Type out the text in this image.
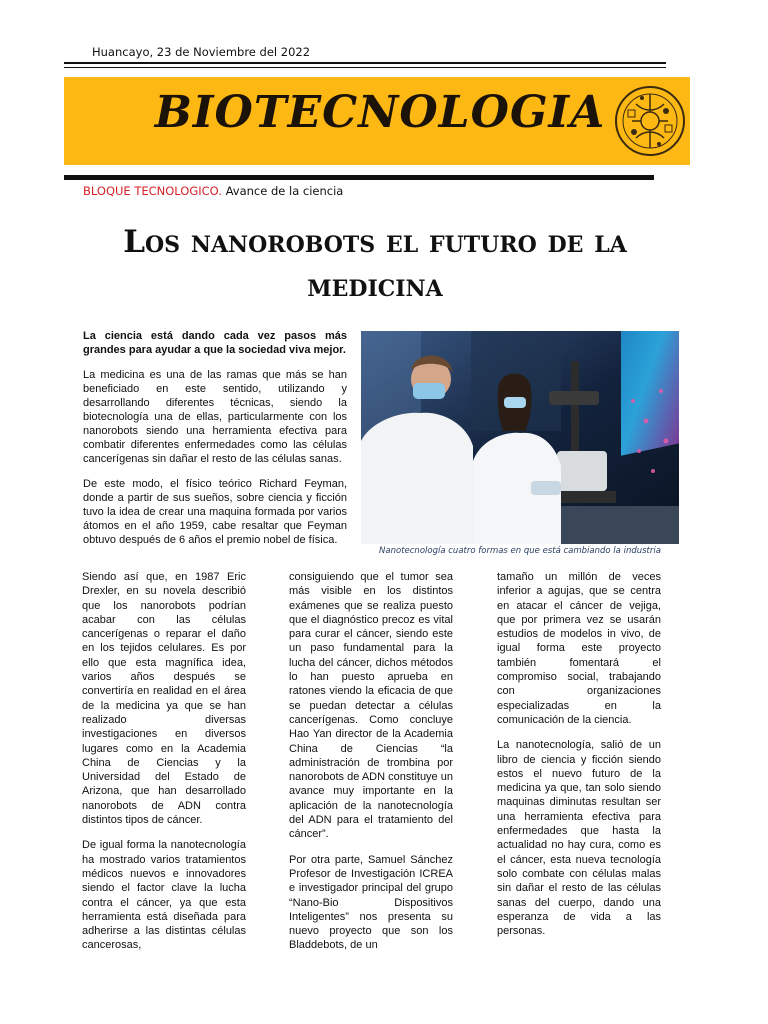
Huancayo, 23 de Noviembre del 2022
BIOTECNOLOGIA
BLOQUE TECNOLOGICO. Avance de la ciencia
Los nanorobots el futuro de la medicina

La ciencia está dando cada vez pasos más grandes para ayudar a que la sociedad viva mejor.

La medicina es una de las ramas que más se han beneficiado en este sentido, utilizando y desarrollando diferentes técnicas, siendo la biotecnología una de ellas, particularmente con los nanorobots siendo una herramienta efectiva para combatir diferentes enfermedades como las células cancerígenas sin dañar el resto de las células sanas.

De este modo, el físico teórico Richard Feyman, donde a partir de sus sueños, sobre ciencia y ficción tuvo la idea de crear una maquina formada por varios átomos en el año 1959, cabe resaltar que Feyman obtuvo después de 6 años el premio nobel de física.

Nanotecnología cuatro formas en que está cambiando la industria

Siendo así que, en 1987 Eric Drexler, en su novela describió que los nanorobots podrían acabar con las células cancerígenas o reparar el daño en los tejidos celulares. Es por ello que esta magnífica idea, varios años después se convertiría en realidad en el área de la medicina ya que se han realizado diversas investigaciones en diversos lugares como en la Academia China de Ciencias y la Universidad del Estado de Arizona, que han desarrollado nanorobots de ADN contra distintos tipos de cáncer.

De igual forma la nanotecnología ha mostrado varios tratamientos médicos nuevos e innovadores siendo el factor clave la lucha contra el cáncer, ya que esta herramienta está diseñada para adherirse a las distintas células cancerosas,

consiguiendo que el tumor sea más visible en los distintos exámenes que se realiza puesto que el diagnóstico precoz es vital para curar el cáncer, siendo este un paso fundamental para la lucha del cáncer, dichos métodos lo han puesto apruebа en ratones viendo la eficacia de que se puedan detectar a células cancerígenas. Como concluye Hao Yan director de la Academia China de Ciencias “la administración de trombina por nanorobots de ADN constituye un avance muy importante en la aplicación de la nanotecnología del ADN para el tratamiento del cáncer”.

Por otra parte, Samuel Sánchez Profesor de Investigación ICREA e investigador principal del grupo “Nano-Bio Dispositivos Inteligentes” nos presenta su nuevo proyecto que son los Bladdebots, de un

tamaño un millón de veces inferior a agujas, que se centra en atacar el cáncer de vejiga, que por primera vez se usarán estudios de modelos in vivo, de igual forma este proyecto también fomentará el compromiso social, trabajando con organizaciones especializadas en la comunicación de la ciencia.

La nanotecnología, salió de un libro de ciencia y ficción siendo estos el nuevo futuro de la medicina ya que, tan solo siendo maquinas diminutas resultan ser una herramienta efectiva para enfermedades que hasta la actualidad no hay cura, como es el cáncer, esta nueva tecnología solo combate con células malas sin dañar el resto de las células sanas del cuerpo, dando una esperanza de vida a las personas.
